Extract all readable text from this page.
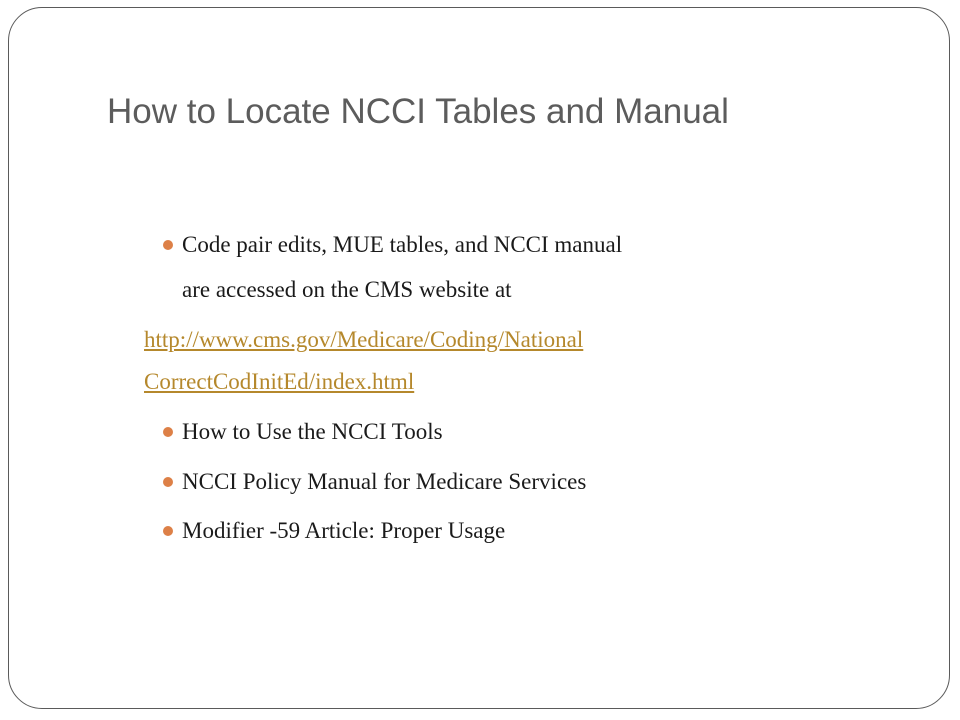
How to Locate NCCI Tables and Manual
Code pair edits, MUE tables, and NCCI manual
are accessed on the CMS website at
http://www.cms.gov/Medicare/Coding/National
CorrectCodInitEd/index.html
How to Use the NCCI Tools
NCCI Policy Manual for Medicare Services
Modifier -59 Article: Proper Usage
